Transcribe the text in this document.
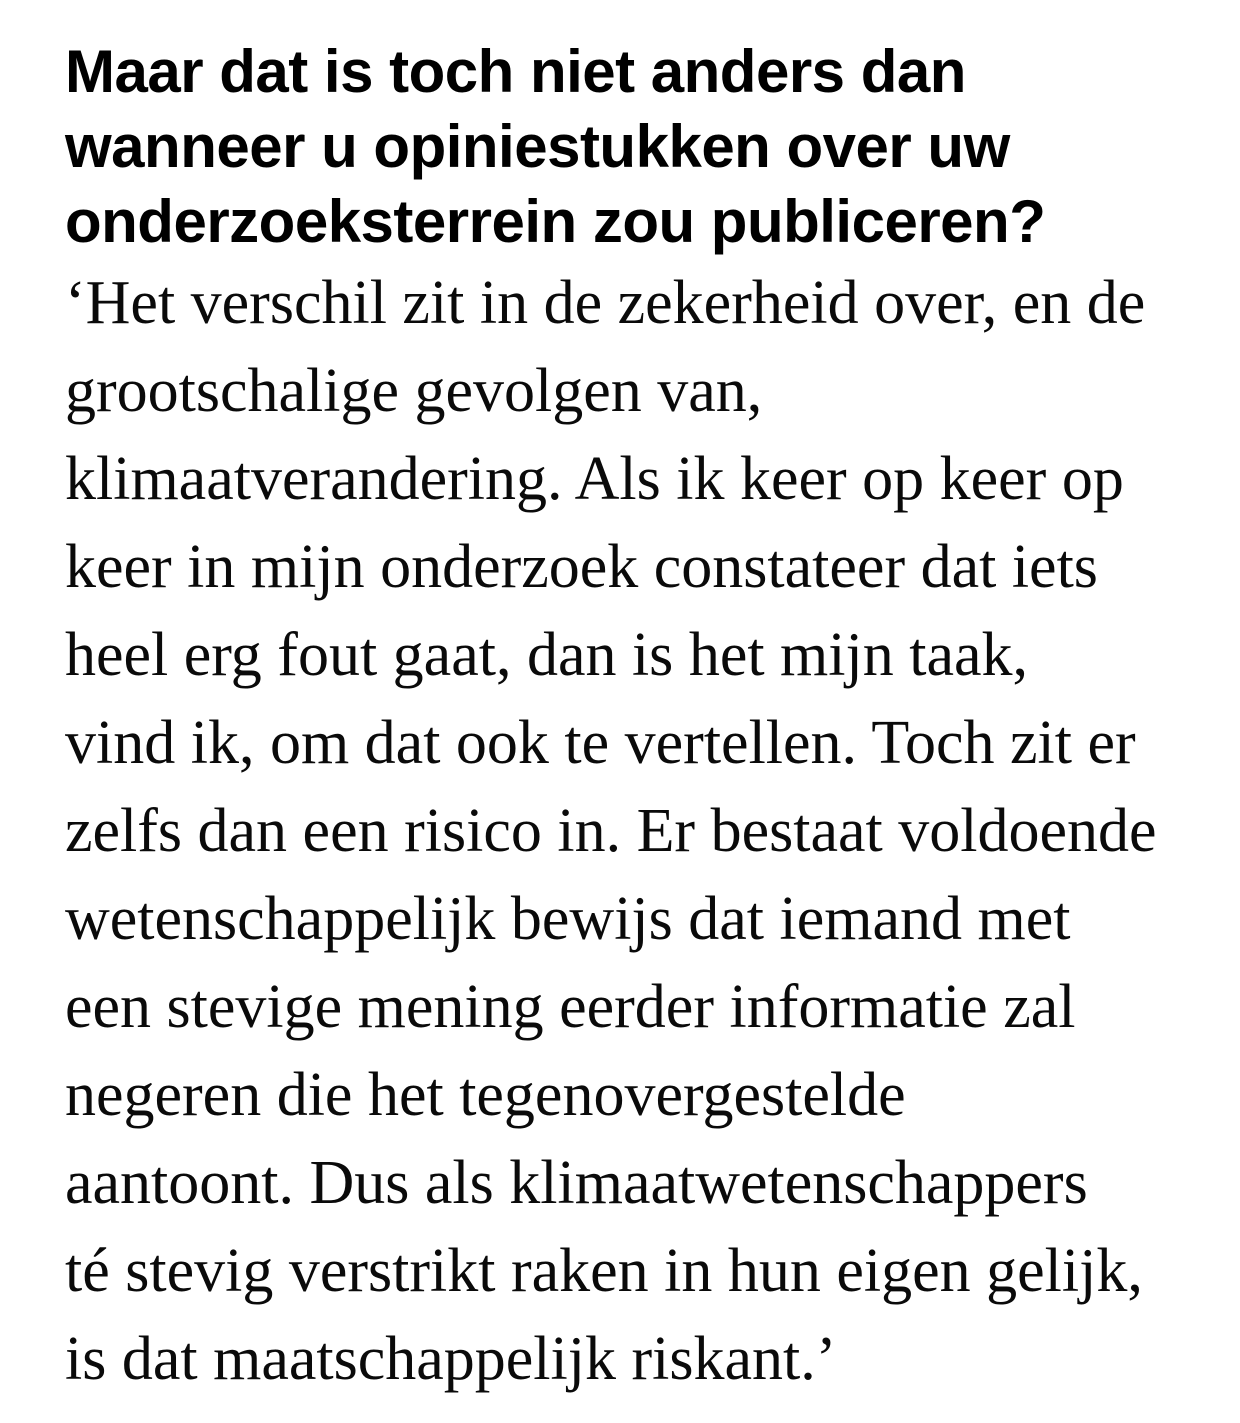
Maar dat is toch niet anders dan
wanneer u opiniestukken over uw
onderzoeksterrein zou publiceren?

‘Het verschil zit in de zekerheid over, en de
grootschalige gevolgen van,
klimaatverandering. Als ik keer op keer op
keer in mijn onderzoek constateer dat iets
heel erg fout gaat, dan is het mijn taak,
vind ik, om dat ook te vertellen. Toch zit er
zelfs dan een risico in. Er bestaat voldoende
wetenschappelijk bewijs dat iemand met
een stevige mening eerder informatie zal
negeren die het tegenovergestelde
aantoont. Dus als klimaatwetenschappers
té stevig verstrikt raken in hun eigen gelijk,
is dat maatschappelijk riskant.’
